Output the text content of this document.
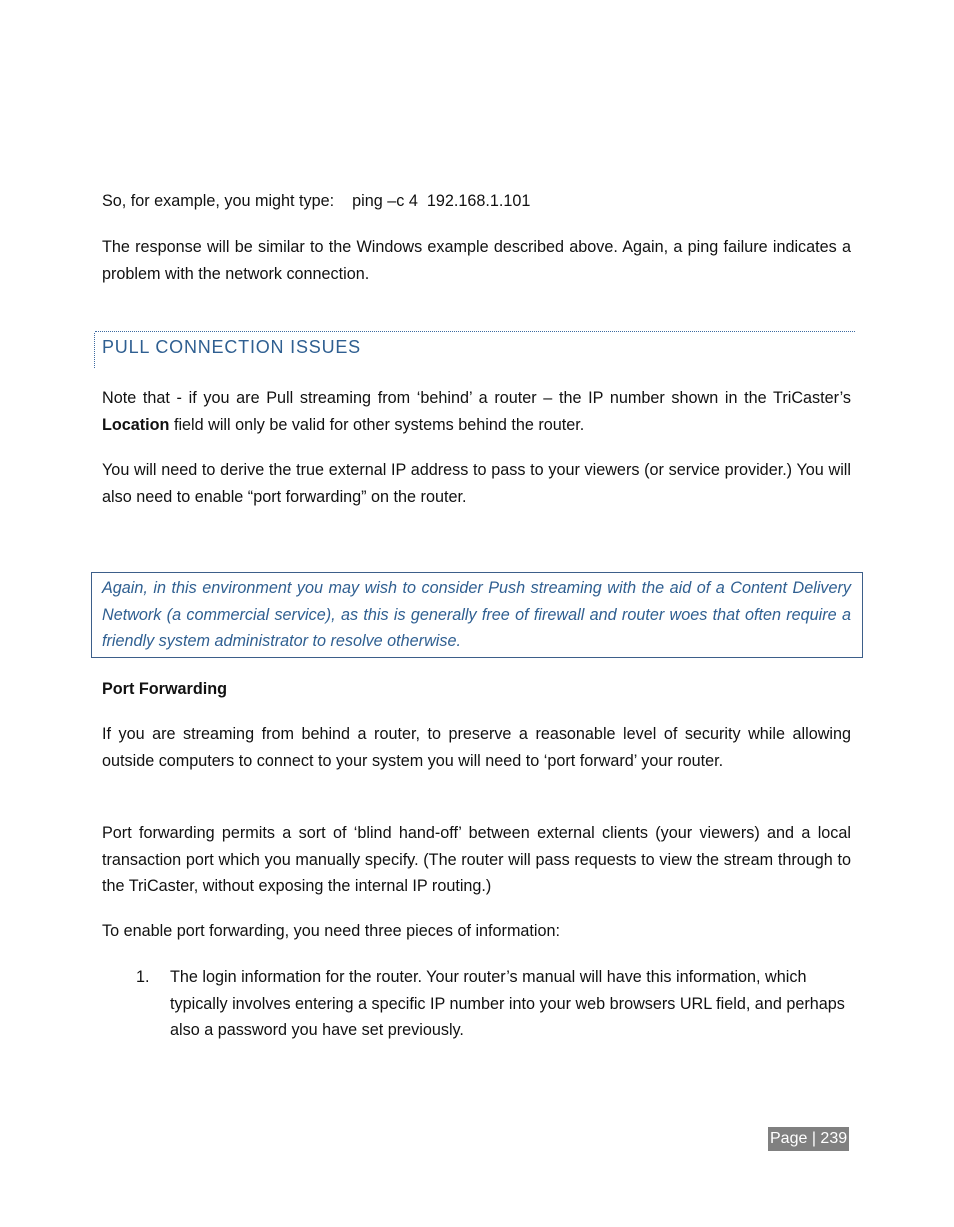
So, for example, you might type: ping –c 4  192.168.1.101

The response will be similar to the Windows example described above. Again, a ping failure indicates a problem with the network connection.

PULL CONNECTION ISSUES

Note that - if you are Pull streaming from ‘behind’ a router – the IP number shown in the TriCaster’s Location field will only be valid for other systems behind the router.

You will need to derive the true external IP address to pass to your viewers (or service provider.) You will also need to enable “port forwarding” on the router.

Again, in this environment you may wish to consider Push streaming with the aid of a Content Delivery Network (a commercial service), as this is generally free of firewall and router woes that often require a friendly system administrator to resolve otherwise.

Port Forwarding

If you are streaming from behind a router, to preserve a reasonable level of security while allowing outside computers to connect to your system you will need to ‘port forward’ your router.

Port forwarding permits a sort of ‘blind hand-off’ between external clients (your viewers) and a local transaction port which you manually specify. (The router will pass requests to view the stream through to the TriCaster, without exposing the internal IP routing.)

To enable port forwarding, you need three pieces of information:

1. The login information for the router. Your router’s manual will have this information, which typically involves entering a specific IP number into your web browsers URL field, and perhaps also a password you have set previously.

Page | 239
